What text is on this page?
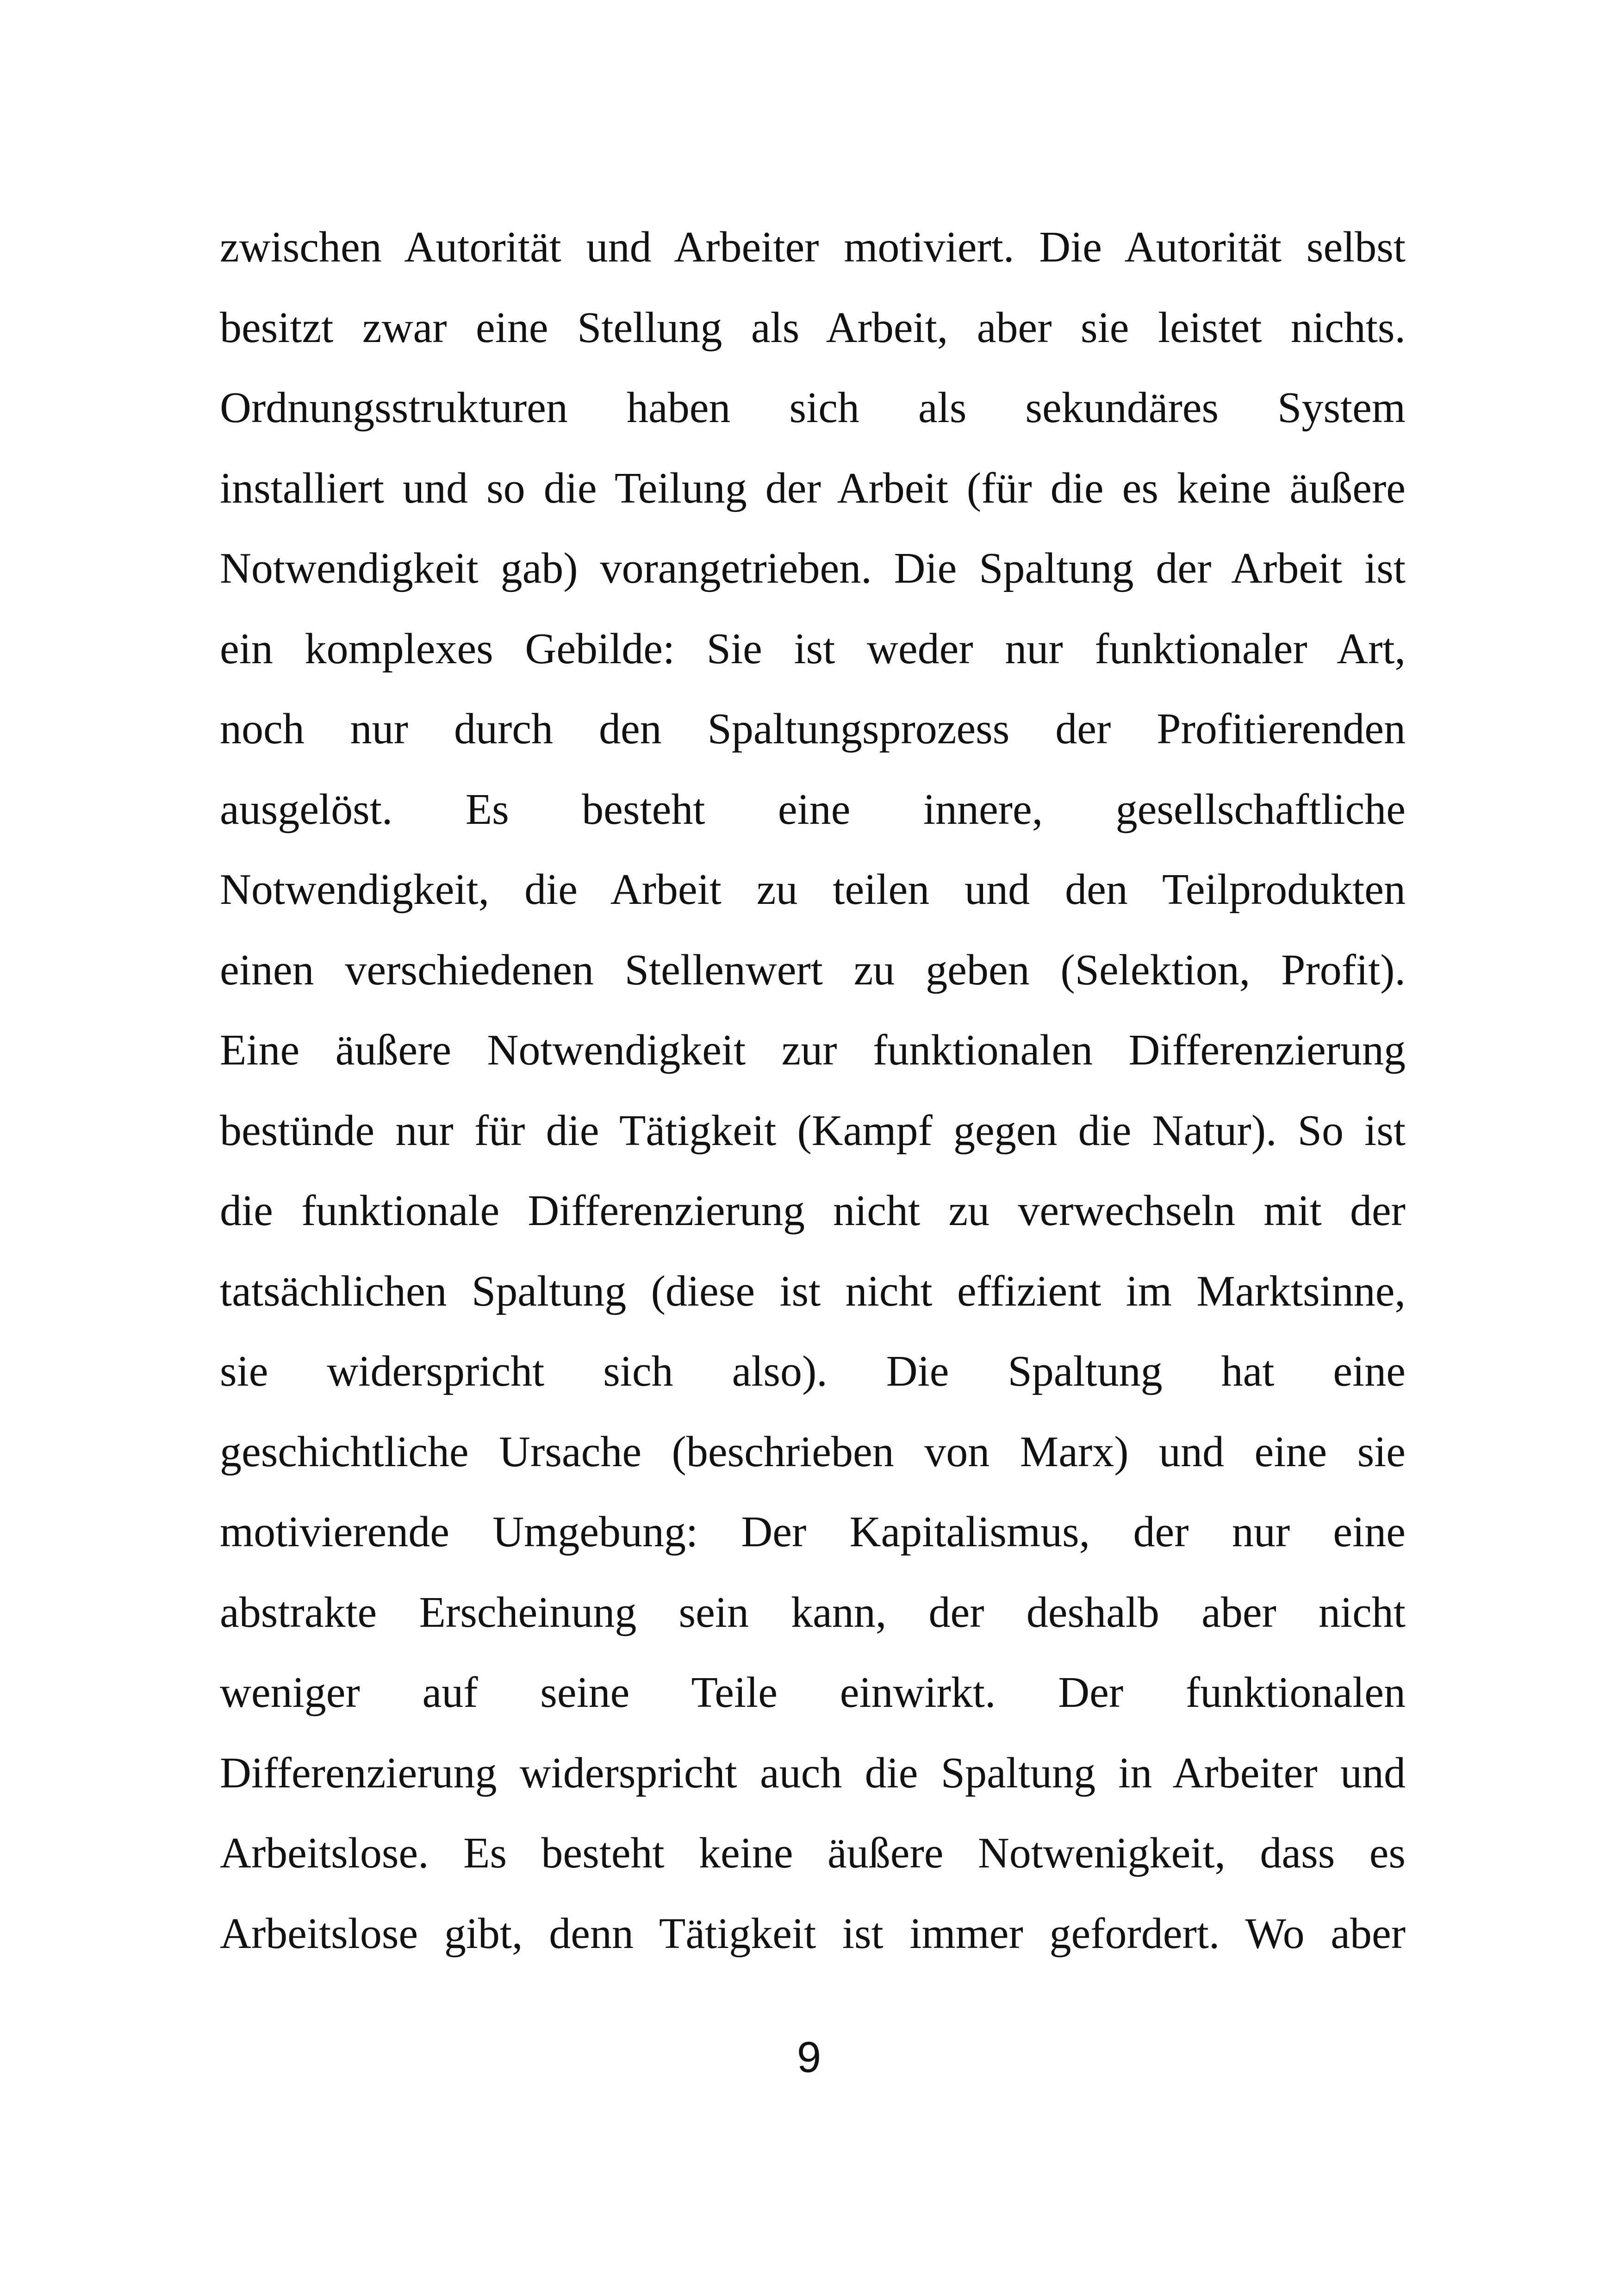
zwischen Autorität und Arbeiter motiviert. Die Autorität selbst
besitzt zwar eine Stellung als Arbeit, aber sie leistet nichts.
Ordnungsstrukturen haben sich als sekundäres System
installiert und so die Teilung der Arbeit (für die es keine äußere
Notwendigkeit gab) vorangetrieben. Die Spaltung der Arbeit ist
ein komplexes Gebilde: Sie ist weder nur funktionaler Art,
noch nur durch den Spaltungsprozess der Profitierenden
ausgelöst. Es besteht eine innere, gesellschaftliche
Notwendigkeit, die Arbeit zu teilen und den Teilprodukten
einen verschiedenen Stellenwert zu geben (Selektion, Profit).
Eine äußere Notwendigkeit zur funktionalen Differenzierung
bestünde nur für die Tätigkeit (Kampf gegen die Natur). So ist
die funktionale Differenzierung nicht zu verwechseln mit der
tatsächlichen Spaltung (diese ist nicht effizient im Marktsinne,
sie widerspricht sich also). Die Spaltung hat eine
geschichtliche Ursache (beschrieben von Marx) und eine sie
motivierende Umgebung: Der Kapitalismus, der nur eine
abstrakte Erscheinung sein kann, der deshalb aber nicht
weniger auf seine Teile einwirkt. Der funktionalen
Differenzierung widerspricht auch die Spaltung in Arbeiter und
Arbeitslose. Es besteht keine äußere Notwenigkeit, dass es
Arbeitslose gibt, denn Tätigkeit ist immer gefordert. Wo aber
9
